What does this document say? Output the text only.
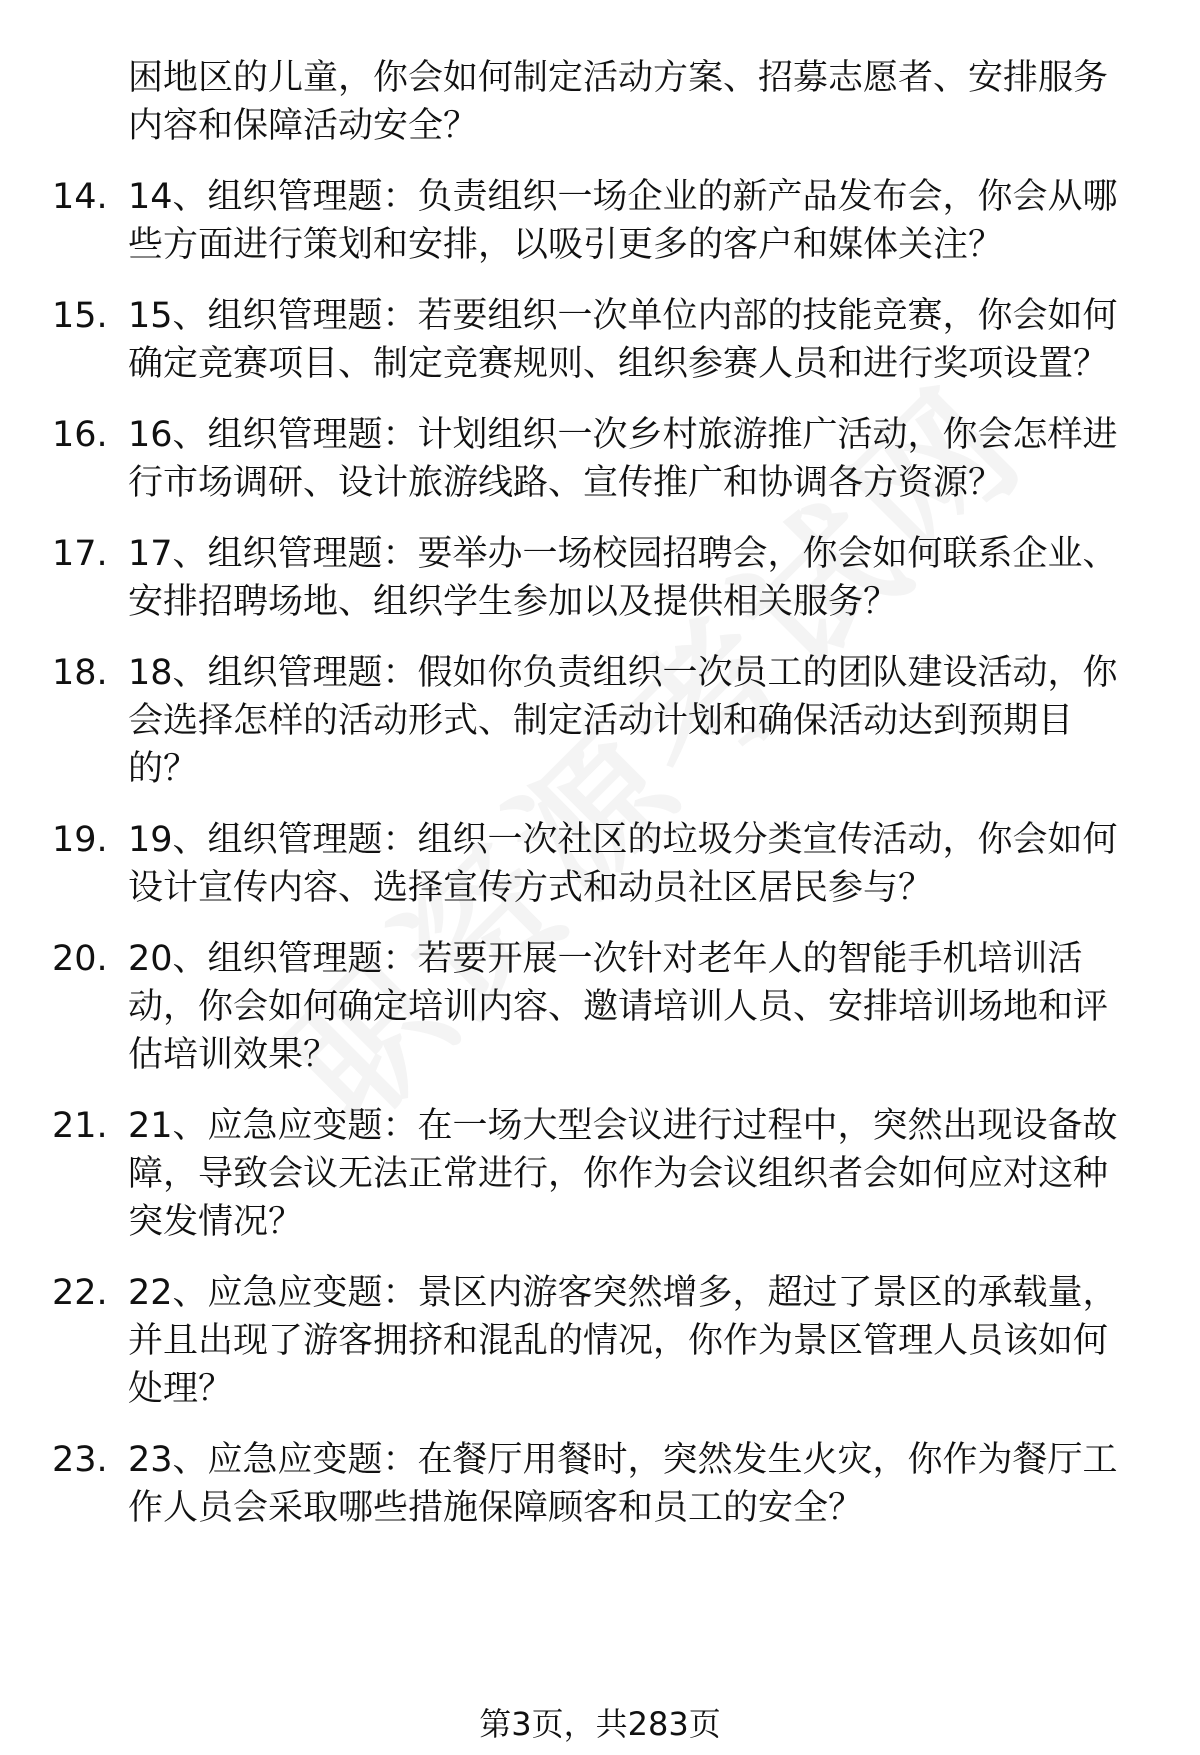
困地区的儿童，你会如何制定活动方案、招募志愿者、安排服务
内容和保障活动安全？
14. 14、组织管理题：负责组织一场企业的新产品发布会，你会从哪
些方面进行策划和安排，以吸引更多的客户和媒体关注？
15. 15、组织管理题：若要组织一次单位内部的技能竞赛，你会如何
确定竞赛项目、制定竞赛规则、组织参赛人员和进行奖项设置？
16. 16、组织管理题：计划组织一次乡村旅游推广活动，你会怎样进
行市场调研、设计旅游线路、宣传推广和协调各方资源？
17. 17、组织管理题：要举办一场校园招聘会，你会如何联系企业、
安排招聘场地、组织学生参加以及提供相关服务？
18. 18、组织管理题：假如你负责组织一次员工的团队建设活动，你
会选择怎样的活动形式、制定活动计划和确保活动达到预期目
的？
19. 19、组织管理题：组织一次社区的垃圾分类宣传活动，你会如何
设计宣传内容、选择宣传方式和动员社区居民参与？
20. 20、组织管理题：若要开展一次针对老年人的智能手机培训活
动，你会如何确定培训内容、邀请培训人员、安排培训场地和评
估培训效果？
21. 21、应急应变题：在一场大型会议进行过程中，突然出现设备故
障，导致会议无法正常进行，你作为会议组织者会如何应对这种
突发情况？
22. 22、应急应变题：景区内游客突然增多，超过了景区的承载量，
并且出现了游客拥挤和混乱的情况，你作为景区管理人员该如何
处理？
23. 23、应急应变题：在餐厅用餐时，突然发生火灾，你作为餐厅工
作人员会采取哪些措施保障顾客和员工的安全？
第3页，共283页
